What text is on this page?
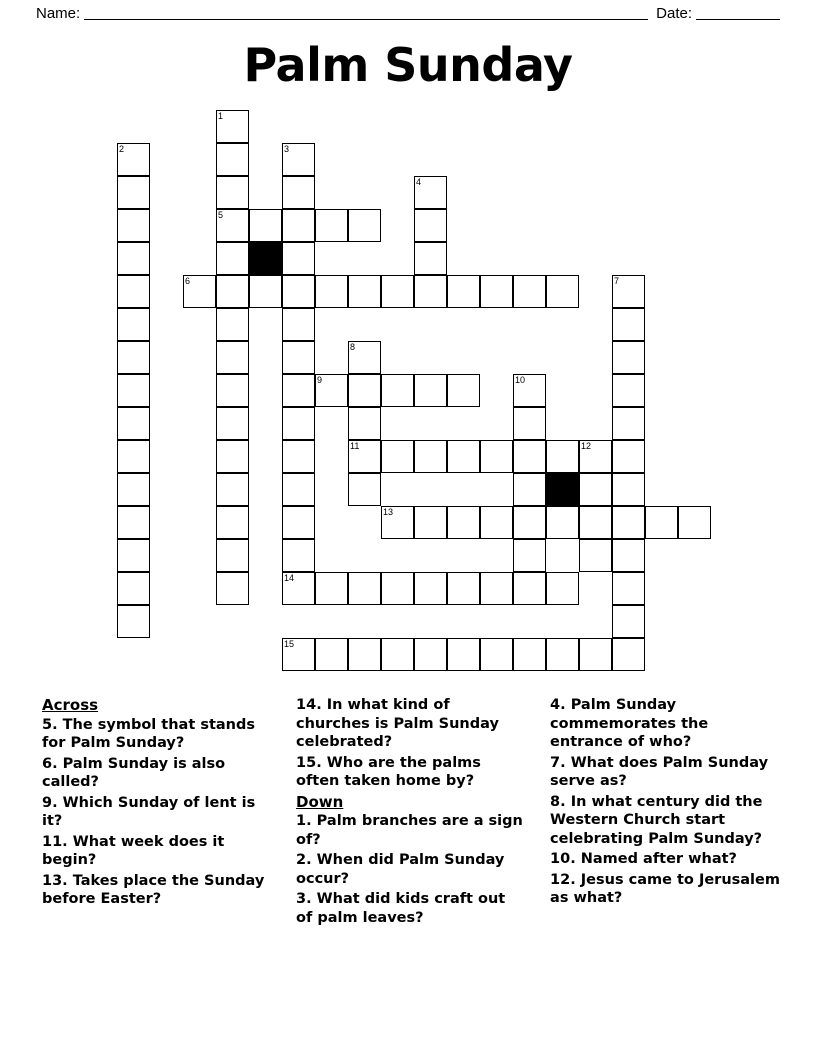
Name:	Date:
Palm Sunday
1
2	3
5
4
6	7
8
9	10
11	12
13
14
15
Across
5. The symbol that stands for Palm Sunday?
6. Palm Sunday is also called?
9. Which Sunday of lent is it?
11. What week does it begin?
13. Takes place the Sunday before Easter?
14. In what kind of churches is Palm Sunday celebrated?
15. Who are the palms often taken home by?
Down
1. Palm branches are a sign of?
2. When did Palm Sunday occur?
3. What did kids craft out of palm leaves?
4. Palm Sunday commemorates the entrance of who?
7. What does Palm Sunday serve as?
8. In what century did the Western Church start celebrating Palm Sunday?
10. Named after what?
12. Jesus came to Jerusalem as what?
